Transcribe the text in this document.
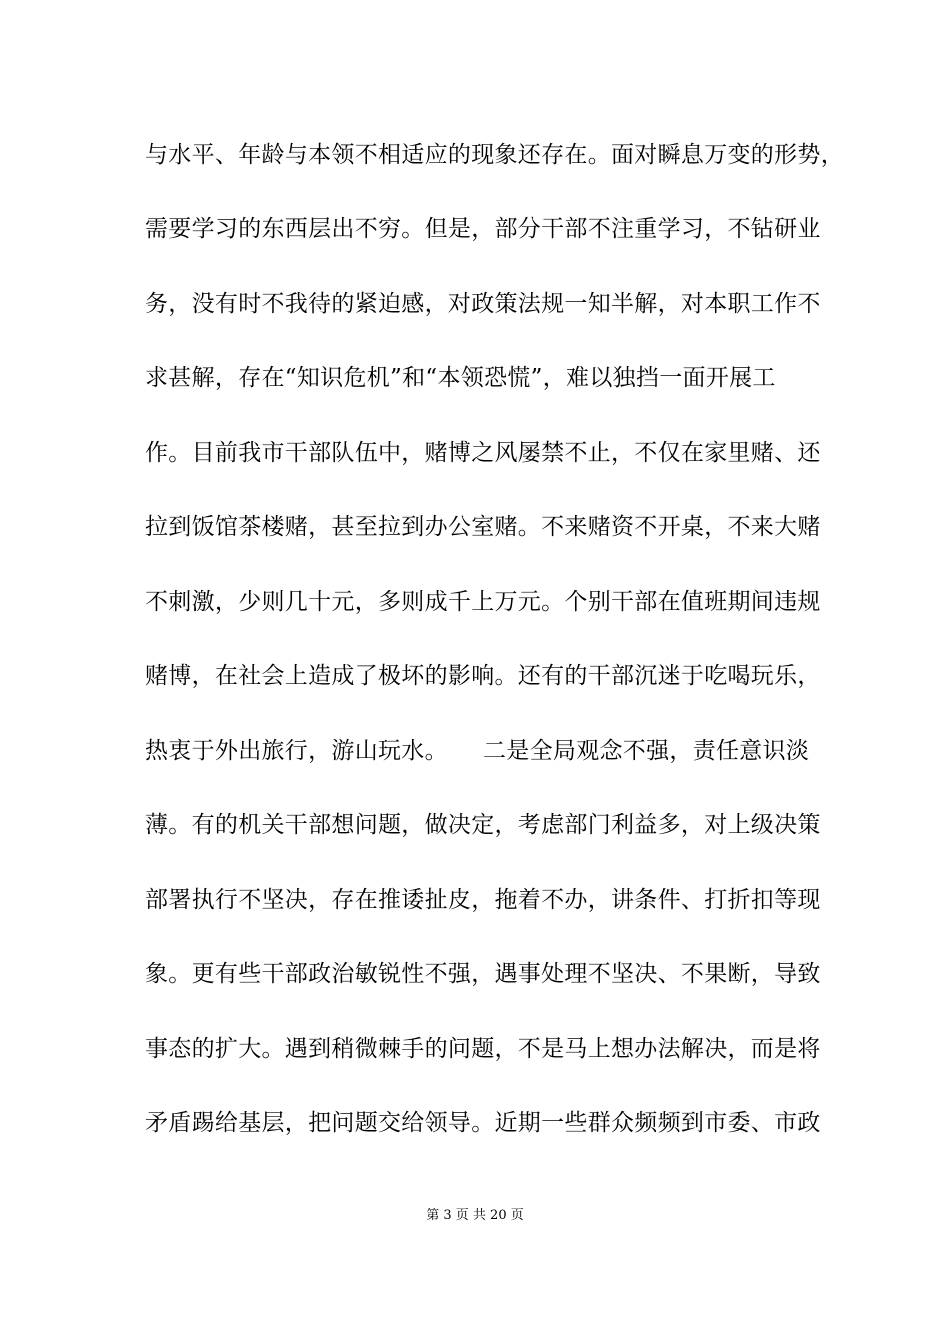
与水平、年龄与本领不相适应的现象还存在。面对瞬息万变的形势，
需要学习的东西层出不穷。但是，部分干部不注重学习，不钻研业
务，没有时不我待的紧迫感，对政策法规一知半解，对本职工作不
求甚解，存在“知识危机”和“本领恐慌”，难以独挡一面开展工
作。目前我市干部队伍中，赌博之风屡禁不止，不仅在家里赌、还
拉到饭馆茶楼赌，甚至拉到办公室赌。不来赌资不开桌，不来大赌
不刺激，少则几十元，多则成千上万元。个别干部在值班期间违规
赌博，在社会上造成了极坏的影响。还有的干部沉迷于吃喝玩乐，
热衷于外出旅行，游山玩水。　　二是全局观念不强，责任意识淡
薄。有的机关干部想问题，做决定，考虑部门利益多，对上级决策
部署执行不坚决，存在推诿扯皮，拖着不办，讲条件、打折扣等现
象。更有些干部政治敏锐性不强，遇事处理不坚决、不果断，导致
事态的扩大。遇到稍微棘手的问题，不是马上想办法解决，而是将
矛盾踢给基层，把问题交给领导。近期一些群众频频到市委、市政
第 3 页 共 20 页
